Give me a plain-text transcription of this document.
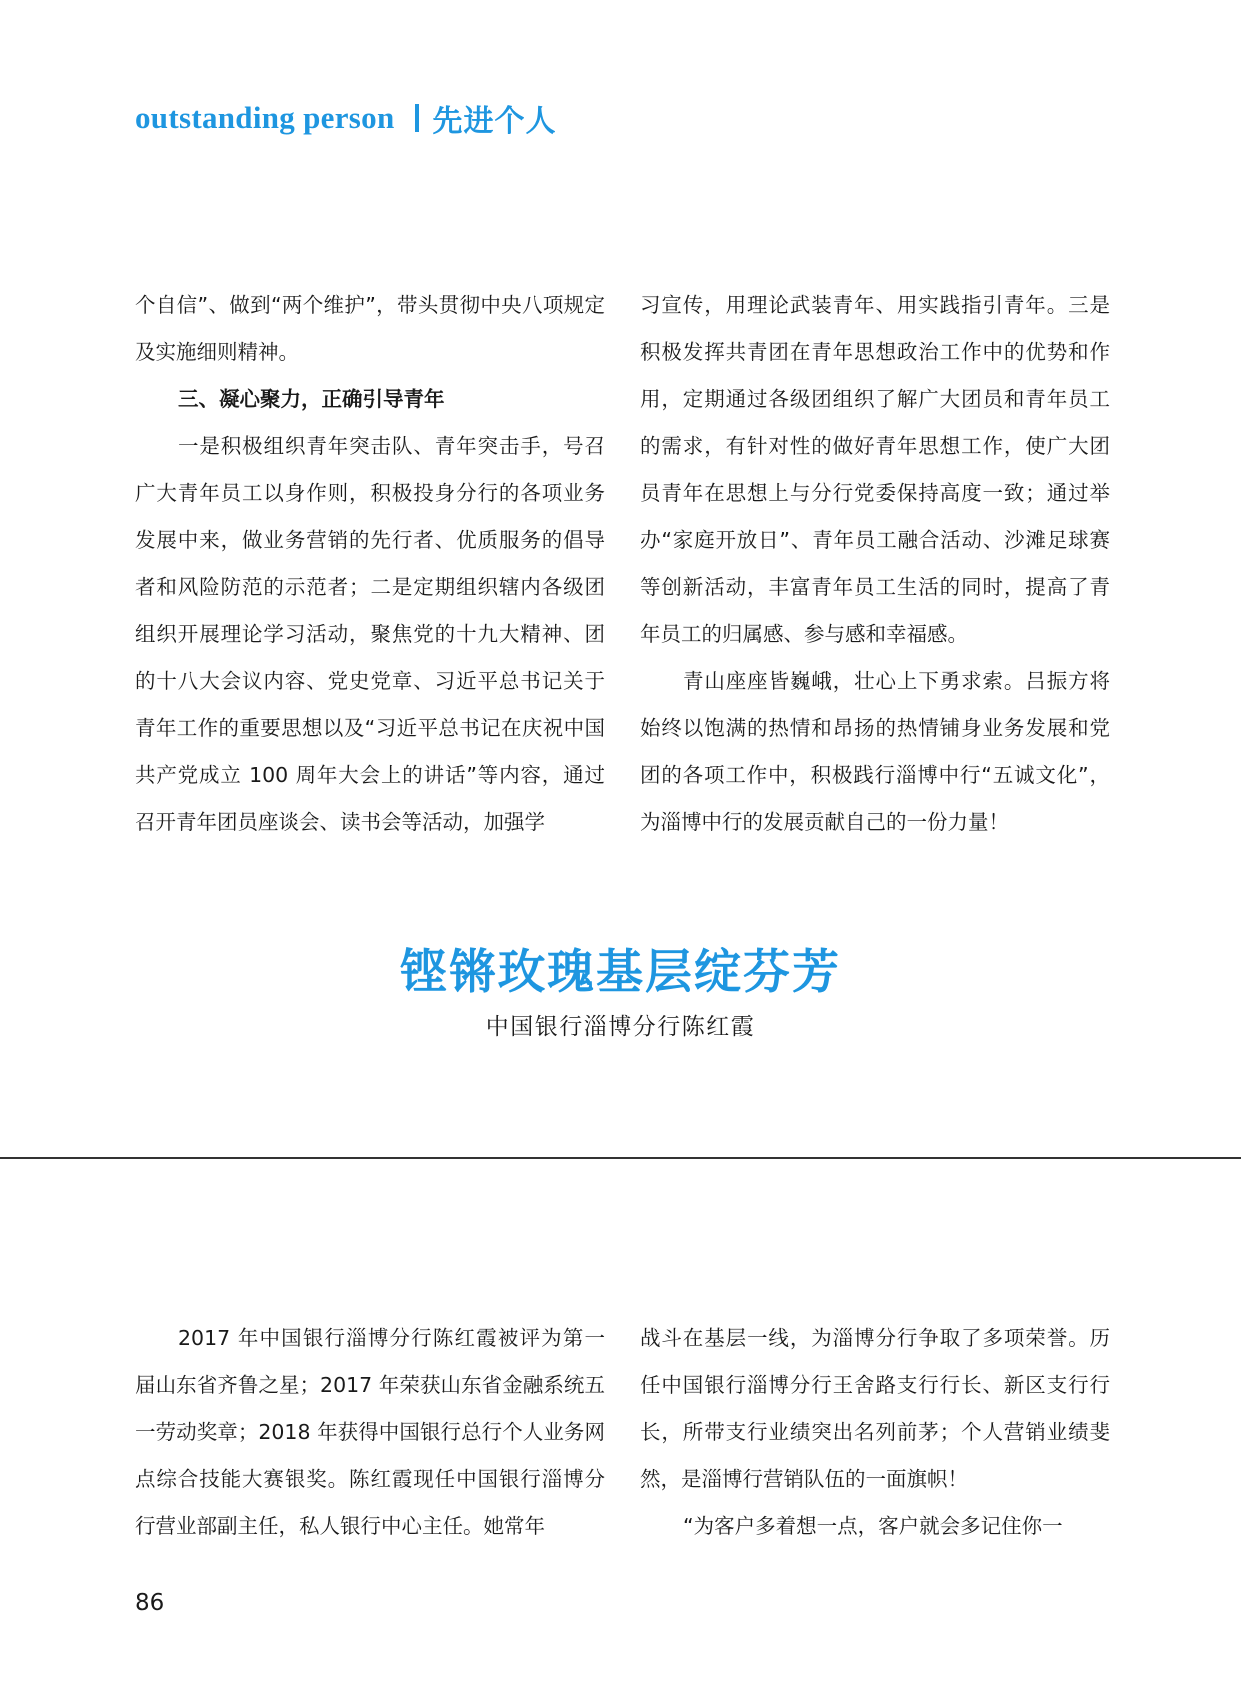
outstanding person 先进个人

个自信”、做到“两个维护”，带头贯彻中央八项规定及实施细则精神。

三、凝心聚力，正确引导青年

一是积极组织青年突击队、青年突击手，号召广大青年员工以身作则，积极投身分行的各项业务发展中来，做业务营销的先行者、优质服务的倡导者和风险防范的示范者；二是定期组织辖内各级团组织开展理论学习活动，聚焦党的十九大精神、团的十八大会议内容、党史党章、习近平总书记关于青年工作的重要思想以及“习近平总书记在庆祝中国共产党成立 100 周年大会上的讲话”等内容，通过召开青年团员座谈会、读书会等活动，加强学

习宣传，用理论武装青年、用实践指引青年。三是积极发挥共青团在青年思想政治工作中的优势和作用，定期通过各级团组织了解广大团员和青年员工的需求，有针对性的做好青年思想工作，使广大团员青年在思想上与分行党委保持高度一致；通过举办“家庭开放日”、青年员工融合活动、沙滩足球赛等创新活动，丰富青年员工生活的同时，提高了青年员工的归属感、参与感和幸福感。

青山座座皆巍峨，壮心上下勇求索。吕振方将始终以饱满的热情和昂扬的热情铺身业务发展和党团的各项工作中，积极践行淄博中行“五诚文化”，为淄博中行的发展贡献自己的一份力量！

铿锵玫瑰基层绽芬芳
中国银行淄博分行陈红霞

2017 年中国银行淄博分行陈红霞被评为第一届山东省齐鲁之星；2017 年荣获山东省金融系统五一劳动奖章；2018 年获得中国银行总行个人业务网点综合技能大赛银奖。陈红霞现任中国银行淄博分行营业部副主任，私人银行中心主任。她常年

战斗在基层一线，为淄博分行争取了多项荣誉。历任中国银行淄博分行王舍路支行行长、新区支行行长，所带支行业绩突出名列前茅；个人营销业绩斐然，是淄博行营销队伍的一面旗帜！

“为客户多着想一点，客户就会多记住你一

86
